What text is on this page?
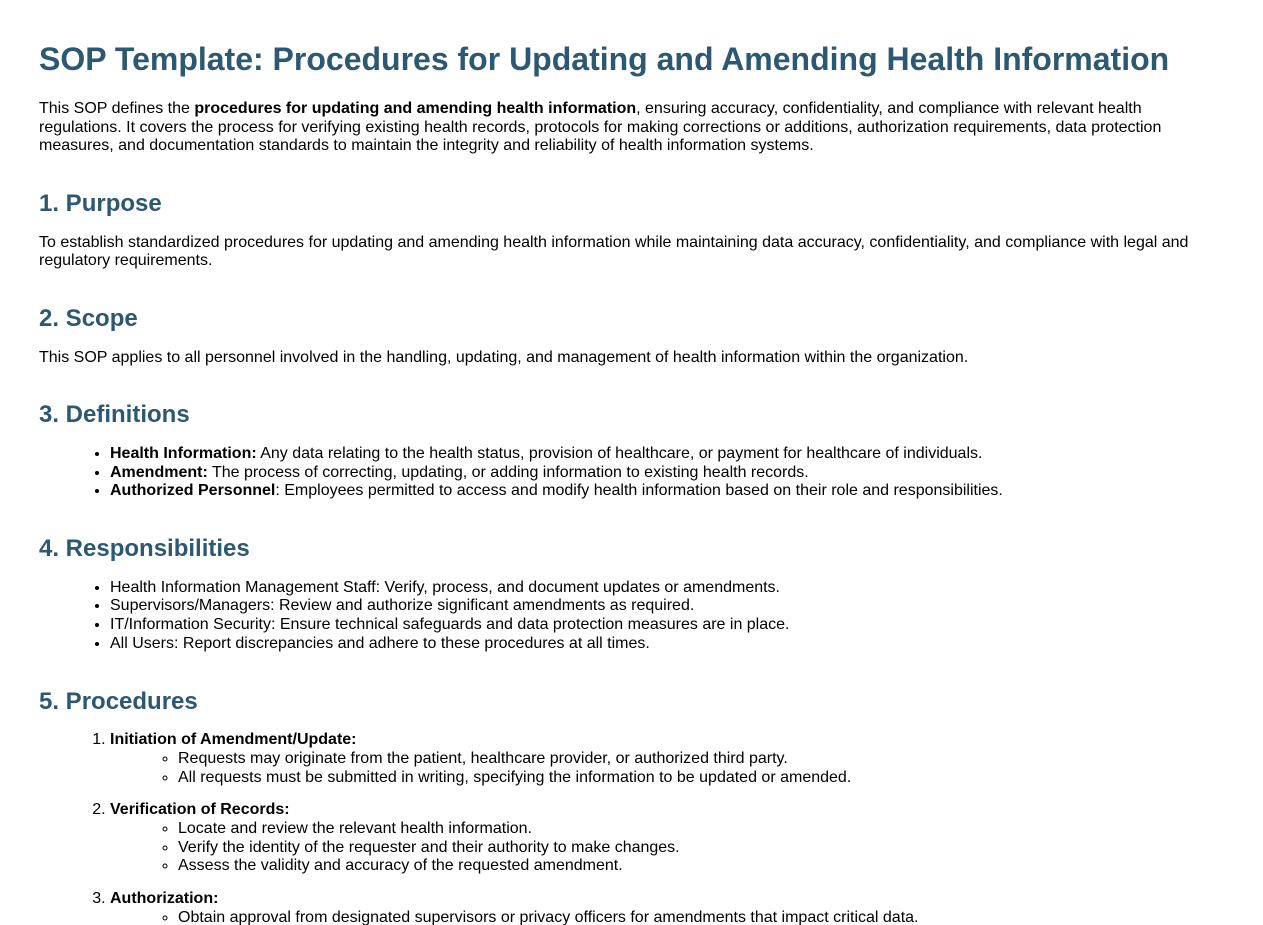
SOP Template: Procedures for Updating and Amending Health Information

This SOP defines the procedures for updating and amending health information, ensuring accuracy, confidentiality, and compliance with relevant health regulations. It covers the process for verifying existing health records, protocols for making corrections or additions, authorization requirements, data protection measures, and documentation standards to maintain the integrity and reliability of health information systems.

1. Purpose

To establish standardized procedures for updating and amending health information while maintaining data accuracy, confidentiality, and compliance with legal and regulatory requirements.

2. Scope

This SOP applies to all personnel involved in the handling, updating, and management of health information within the organization.

3. Definitions
• Health Information: Any data relating to the health status, provision of healthcare, or payment for healthcare of individuals.
• Amendment: The process of correcting, updating, or adding information to existing health records.
• Authorized Personnel: Employees permitted to access and modify health information based on their role and responsibilities.
4. Responsibilities
• Health Information Management Staff: Verify, process, and document updates or amendments.
• Supervisors/Managers: Review and authorize significant amendments as required.
• IT/Information Security: Ensure technical safeguards and data protection measures are in place.
• All Users: Report discrepancies and adhere to these procedures at all times.
5. Procedures
1. Initiation of Amendment/Update:
◦ Requests may originate from the patient, healthcare provider, or authorized third party.
◦ All requests must be submitted in writing, specifying the information to be updated or amended.
2. Verification of Records:
◦ Locate and review the relevant health information.
◦ Verify the identity of the requester and their authority to make changes.
◦ Assess the validity and accuracy of the requested amendment.
3. Authorization:
◦ Obtain approval from designated supervisors or privacy officers for amendments that impact critical data.
